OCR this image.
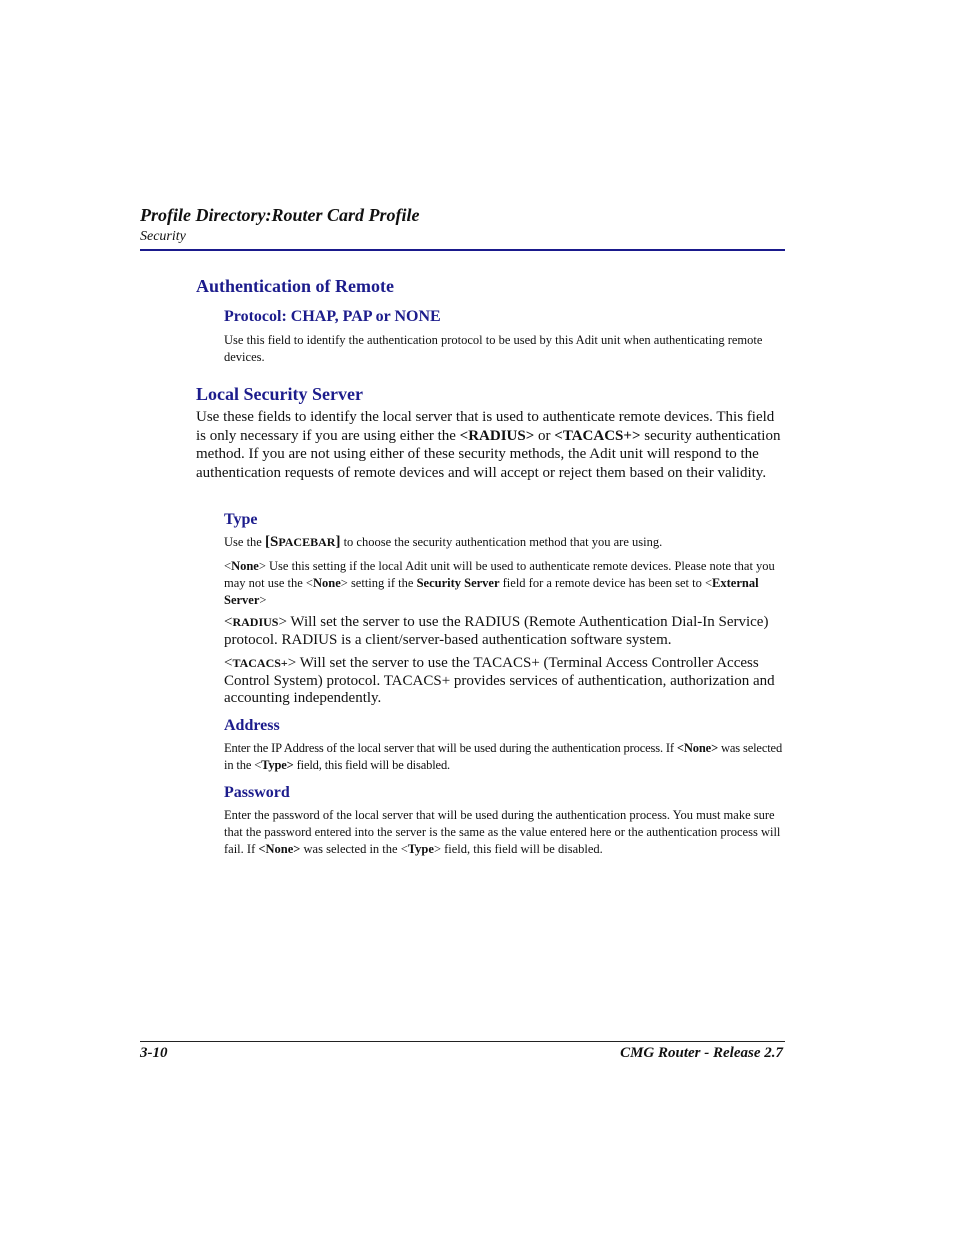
Profile Directory:Router Card Profile
Security
Authentication of Remote
Protocol: CHAP, PAP or NONE
Use this field to identify the authentication protocol to be used by this Adit unit when authenticating remote devices.
Local Security Server
Use these fields to identify the local server that is used to authenticate remote devices. This field is only necessary if you are using either the <RADIUS> or <TACACS+> security authentication method. If you are not using either of these security methods, the Adit unit will respond to the authentication requests of remote devices and will accept or reject them based on their validity.
Type
Use the [SPACEBAR] to choose the security authentication method that you are using.
<None> Use this setting if the local Adit unit will be used to authenticate remote devices. Please note that you may not use the <None> setting if the Security Server field for a remote device has been set to <External Server>
<RADIUS> Will set the server to use the RADIUS (Remote Authentication Dial-In Service) protocol. RADIUS is a client/server-based authentication software system.
<TACACS+> Will set the server to use the TACACS+ (Terminal Access Controller Access Control System) protocol. TACACS+ provides services of authentication, authorization and accounting independently.
Address
Enter the IP Address of the local server that will be used during the authentication process. If <None> was selected in the <Type> field, this field will be disabled.
Password
Enter the password of the local server that will be used during the authentication process. You must make sure that the password entered into the server is the same as the value entered here or the authentication process will fail. If <None> was selected in the <Type> field, this field will be disabled.
3-10	CMG Router - Release 2.7
